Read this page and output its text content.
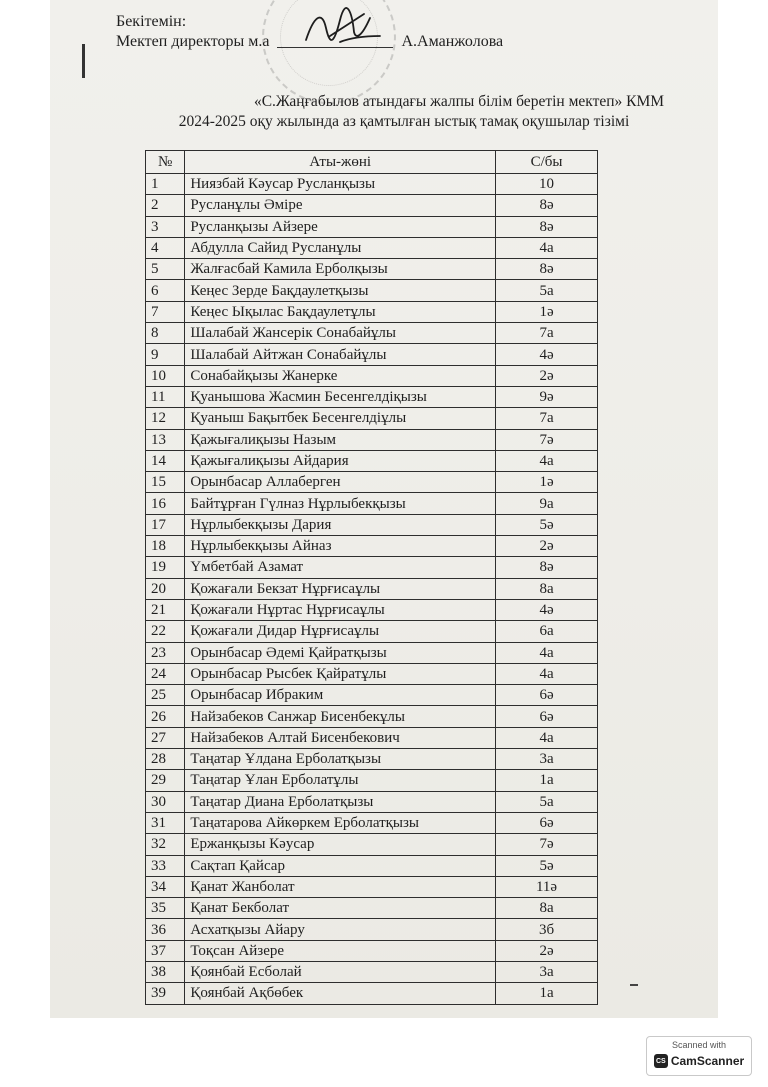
Бекітемін:
Мектеп директоры м.а	А.Аманжолова
«С.Жаңғабылов атындағы жалпы білім беретін мектеп» КММ
2024-2025 оқу жылында аз қамтылған ыстық тамақ оқушылар тізімі
№	Аты-жөні	С/бы
1	Ниязбай Кәусар Русланқызы	10
2	Русланұлы Әміре	8ә
3	Русланқызы Айзере	8ә
4	Абдулла Сайид Русланұлы	4а
5	Жалғасбай Камила Ерболқызы	8ә
6	Кеңес Зерде Бақдаулетқызы	5а
7	Кеңес Ықылас Бақдаулетұлы	1ә
8	Шалабай Жансерік Сонабайұлы	7а
9	Шалабай Айтжан Сонабайұлы	4ә
10	Сонабайқызы Жанерке	2ә
11	Қуанышова Жасмин Бесенгелдіқызы	9ә
12	Қуаныш Бақытбек Бесенгелдіұлы	7а
13	Қажығалиқызы Назым	7ә
14	Қажығалиқызы Айдария	4а
15	Орынбасар Аллаберген	1ә
16	Байтұрған Гүлназ Нұрлыбекқызы	9а
17	Нұрлыбекқызы Дария	5ә
18	Нұрлыбекқызы Айназ	2ә
19	Үмбетбай Азамат	8ә
20	Қожағали Бекзат Нұрғисаұлы	8а
21	Қожағали Нұртас Нұрғисаұлы	4ә
22	Қожағали Дидар Нұрғисаұлы	6а
23	Орынбасар Әдемі Қайратқызы	4а
24	Орынбасар Рысбек Қайратұлы	4а
25	Орынбасар Ибраким	6ә
26	Найзабеков Санжар Бисенбекұлы	6ә
27	Найзабеков Алтай Бисенбекович	4а
28	Таңатар Ұлдана Ерболатқызы	3а
29	Таңатар Ұлан Ерболатұлы	1а
30	Таңатар Диана Ерболатқызы	5а
31	Таңатарова Айкөркем Ерболатқызы	6ә
32	Ержанқызы Кәусар	7ә
33	Сақтап Қайсар	5ә
34	Қанат Жанболат	11ә
35	Қанат Бекболат	8а
36	Асхатқызы Айару	3б
37	Тоқсан Айзере	2ә
38	Қоянбай Есболай	3а
39	Қоянбай Ақбөбек	1а
Scanned with
CS CamScanner
